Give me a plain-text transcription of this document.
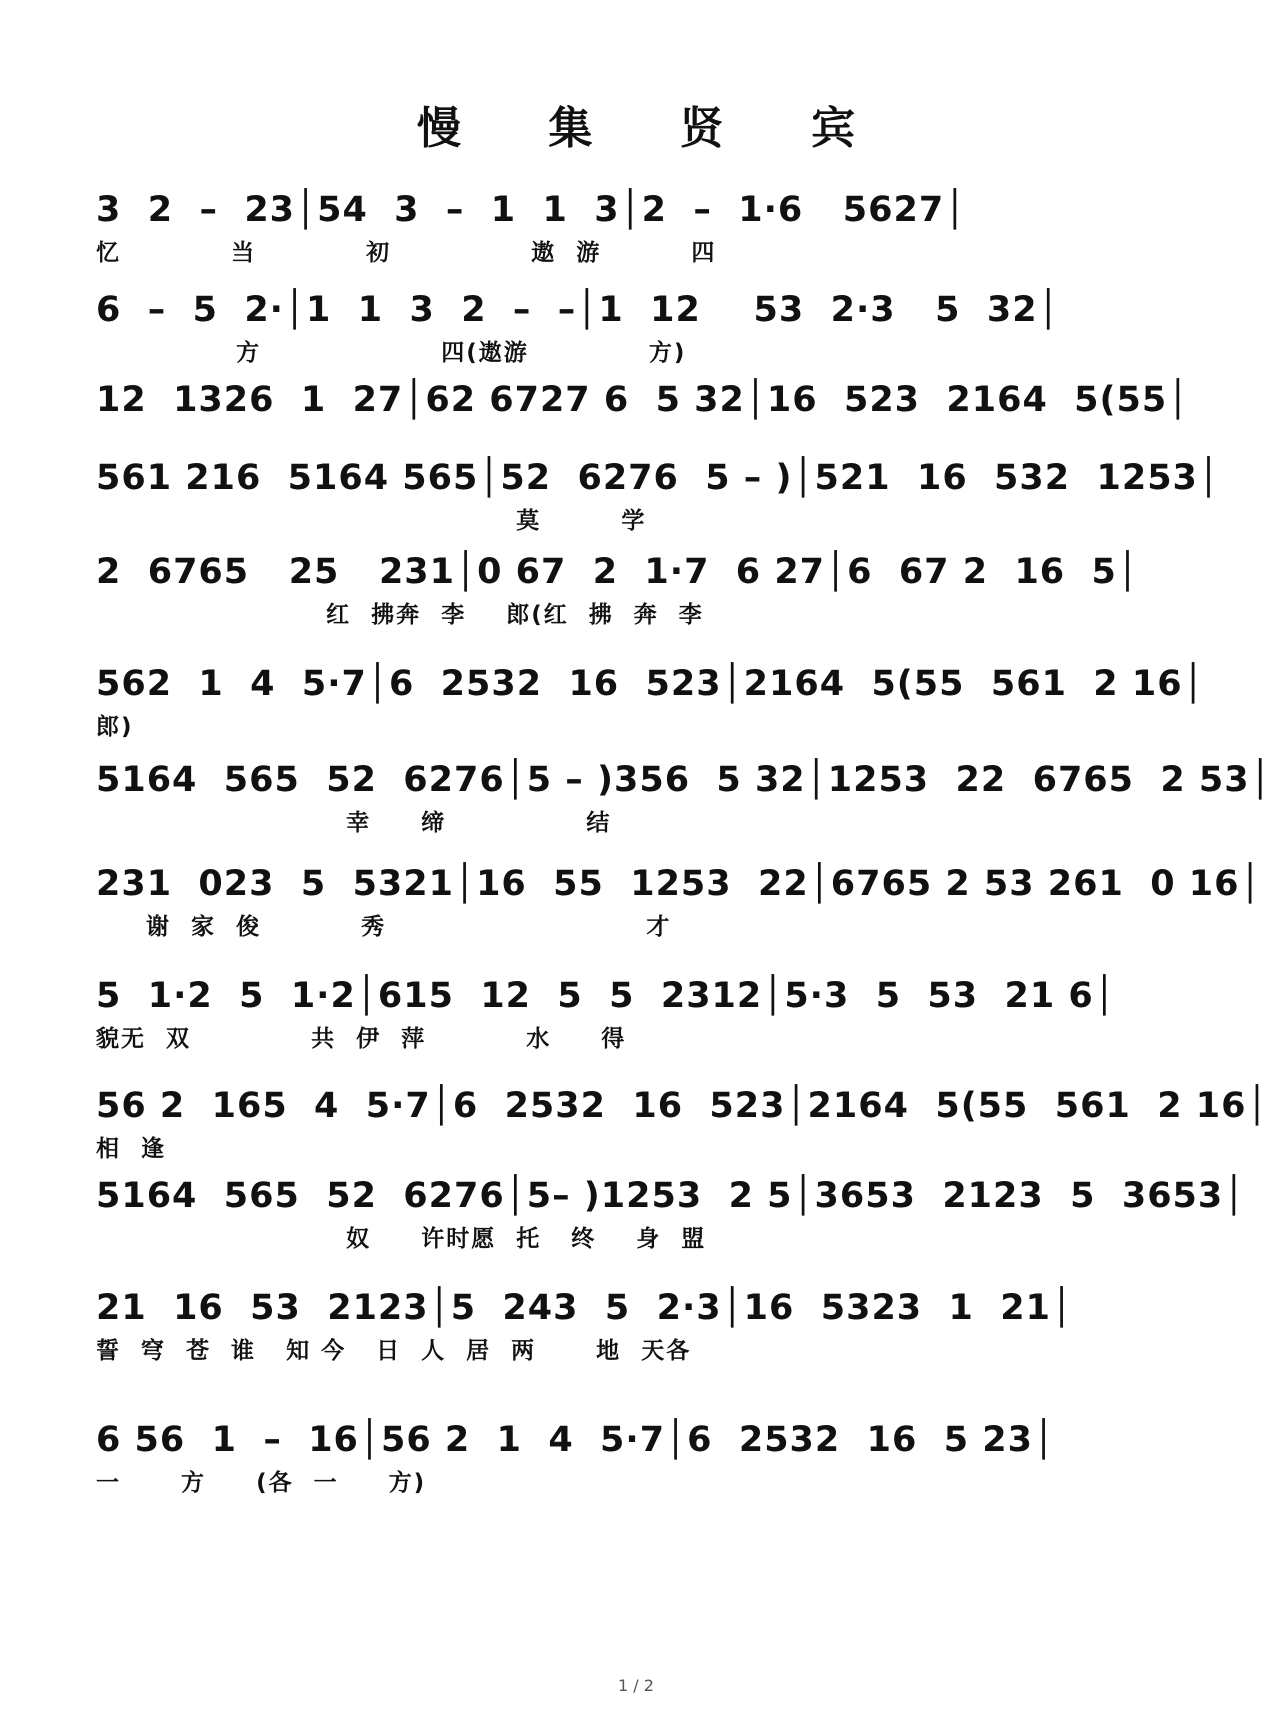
慢 集 贤 宾
3  2  –  23│54  3  –  1  1  3│2  –  1·6   5627│
忆           当           初              遨  游         四
6  –  5  2·│1  1  3  2  –  –│1  12    53  2·3   5  32│
方                  四(遨游            方)
12  1326  1  27│62 6727 6  5 32│16  523  2164  5(55│
561 216  5164 565│52  6276  5 – )│521  16  532  1253│
莫        学
2  6765   25   231│0 67  2  1·7  6 27│6  67 2  16  5│
红  拂奔  李    郎(红  拂  奔  李
562  1  4  5·7│6  2532  16  523│2164  5(55  561  2 16│
郎)
5164  565  52  6276│5 – )356  5 32│1253  22  6765  2 53│
幸     缔              结
231  023  5  5321│16  55  1253  22│6765 2 53 261  0 16│
谢  家  俊          秀                          才
5  1·2  5  1·2│615  12  5  5  2312│5·3  5  53  21 6│
貌无  双            共  伊  萍          水     得
56 2  165  4  5·7│6  2532  16  523│2164  5(55  561  2 16│
相  逢
5164  565  52  6276│5– )1253  2 5│3653  2123  5  3653│
奴     许时愿  托   终    身  盟
21  16  53  2123│5  243  5  2·3│16  5323  1  21│
誓  穹  苍  谁   知 今   日  人  居  两      地  天各
6 56  1  –  16│56 2  1  4  5·7│6  2532  16  5 23│
一      方     (各  一     方)
1 / 2
